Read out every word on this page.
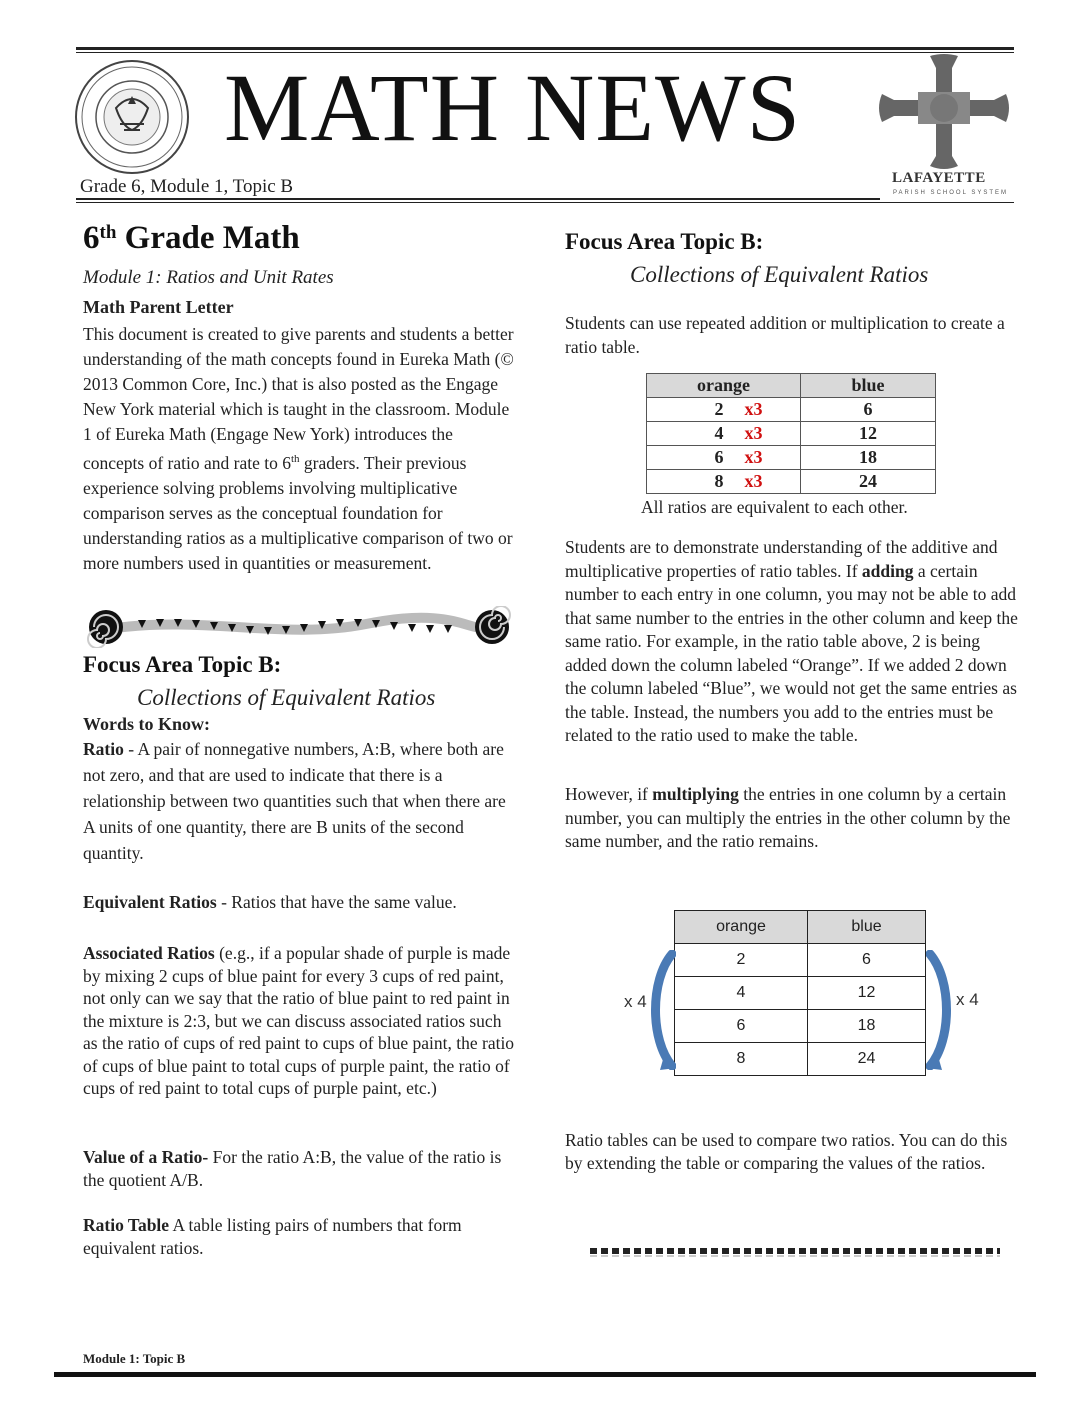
MATH NEWS
LAFAYETTE
PARISH SCHOOL SYSTEM
Grade 6, Module 1, Topic B
6th Grade Math
Module 1: Ratios and Unit Rates
Math Parent Letter
This document is created to give parents and students a better understanding of the math concepts found in Eureka Math (© 2013 Common Core, Inc.) that is also posted as the Engage New York material which is taught in the classroom. Module 1 of Eureka Math (Engage New York) introduces the concepts of ratio and rate to 6th graders. Their previous experience solving problems involving multiplicative comparison serves as the conceptual foundation for understanding ratios as a multiplicative comparison of two or more numbers used in quantities or measurement.
Focus Area Topic B:
Collections of Equivalent Ratios
Words to Know:
Ratio - A pair of nonnegative numbers, A:B, where both are not zero, and that are used to indicate that there is a relationship between two quantities such that when there are A units of one quantity, there are B units of the second quantity.
Equivalent Ratios - Ratios that have the same value.
Associated Ratios (e.g., if a popular shade of purple is made by mixing 2 cups of blue paint for every 3 cups of red paint, not only can we say that the ratio of blue paint to red paint in the mixture is 2:3, but we can discuss associated ratios such as the ratio of cups of red paint to cups of blue paint, the ratio of cups of blue paint to total cups of purple paint, the ratio of cups of red paint to total cups of purple paint, etc.)
Value of a Ratio- For the ratio A:B, the value of the ratio is the quotient A/B.
Ratio Table A table listing pairs of numbers that form equivalent ratios.
Focus Area Topic B:
Collections of Equivalent Ratios
Students can use repeated addition or multiplication to create a ratio table.
orange	blue
2 x3	6
4 x3	12
6 x3	18
8 x3	24
All ratios are equivalent to each other.
Students are to demonstrate understanding of the additive and multiplicative properties of ratio tables. If adding a certain number to each entry in one column, you may not be able to add that same number to the entries in the other column and keep the same ratio. For example, in the ratio table above, 2 is being added down the column labeled “Orange”. If we added 2 down the column labeled “Blue”, we would not get the same entries as the table. Instead, the numbers you add to the entries must be related to the ratio used to make the table.
However, if multiplying the entries in one column by a certain number, you can multiply the entries in the other column by the same number, and the ratio remains.
orange	blue
2	6
4	12
6	18
8	24
x 4	x 4
Ratio tables can be used to compare two ratios. You can do this by extending the table or comparing the values of the ratios.
Module 1: Topic B
